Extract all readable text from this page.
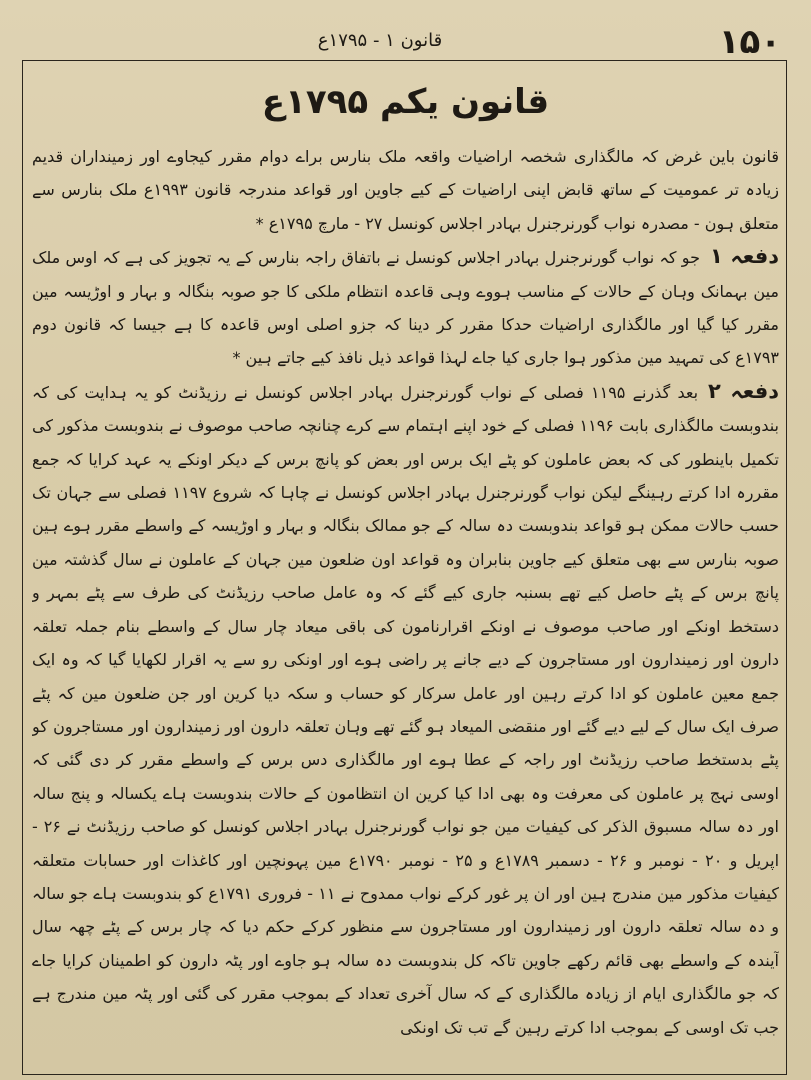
۱۵۰
قانون ۱ - ۱۷۹۵ع
قانون یکم ۱۷۹۵ع

قانون باین غرض کہ مالگذاری شخصہ اراضیات واقعہ ملک بنارس براے دوام مقرر کیجاوے اور زمینداران قدیم زیادہ تر عمومیت کے ساتھ قابض اپنی اراضیات کے کیے جاوین اور قواعد مندرجہ قانون ۱۹۹۳ع ملک بنارس سے متعلق ہون - مصدرہ نواب گورنرجنرل بہادر اجلاس کونسل ۲۷ - مارچ ۱۷۹۵ع *

دفعہ ۱جو کہ نواب گورنرجنرل بہادر اجلاس کونسل نے باتفاق راجہ بنارس کے یہ تجویز کی ہے کہ اوس ملک مین بہمانک وہان کے حالات کے مناسب ہووے وہی قاعدہ انتظام ملکی کا جو صوبہ بنگالہ و بہار و اوڑیسہ مین مقرر کیا گیا اور مالگذاری اراضیات حدکا مقرر کر دینا کہ جزو اصلی اوس قاعدہ کا ہے جیسا کہ قانون دوم ۱۷۹۳ع کی تمہید مین مذکور ہوا جاری کیا جاے لہذا قواعد ذیل نافذ کیے جاتے ہین *

دفعہ ۲بعد گذرنے ۱۱۹۵ فصلی کے نواب گورنرجنرل بہادر اجلاس کونسل نے رزیڈنٹ کو یہ ہدایت کی کہ بندوبست مالگذاری بابت ۱۱۹۶ فصلی کے خود اپنے اہتمام سے کرے چنانچہ صاحب موصوف نے بندوبست مذکور کی تکمیل باینطور کی کہ بعض عاملون کو پٹے ایک برس اور بعض کو پانچ برس کے دیکر اونکے یہ عہد کرایا کہ جمع مقررہ ادا کرتے رہینگے لیکن نواب گورنرجنرل بہادر اجلاس کونسل نے چاہا کہ شروع ۱۱۹۷ فصلی سے جہان تک حسب حالات ممکن ہو قواعد بندوبست دہ سالہ کے جو ممالک بنگالہ و بہار و اوڑیسہ کے واسطے مقرر ہوے ہین صوبہ بنارس سے بھی متعلق کیے جاوین بنابران وہ قواعد اون ضلعون مین جہان کے عاملون نے سال گذشتہ مین پانچ برس کے پٹے حاصل کیے تھے بسنبہ جاری کیے گئے کہ وہ عامل صاحب رزیڈنٹ کی طرف سے پٹے بمہر و دستخط اونکے اور صاحب موصوف نے اونکے اقرارنامون کی باقی میعاد چار سال کے واسطے بنام جملہ تعلقہ دارون اور زمیندارون اور مستاجرون کے دیے جانے پر راضی ہوے اور اونکی رو سے یہ اقرار لکھایا گیا کہ وہ ایک جمع معین عاملون کو ادا کرتے رہین اور عامل سرکار کو حساب و سکہ دیا کرین اور جن ضلعون مین کہ پٹے صرف ایک سال کے لیے دیے گئے اور منقضی المیعاد ہو گئے تھے وہان تعلقہ دارون اور زمیندارون اور مستاجرون کو پٹے بدستخط صاحب رزیڈنٹ اور راجہ کے عطا ہوے اور مالگذاری دس برس کے واسطے مقرر کر دی گئی کہ اوسی نہج پر عاملون کی معرفت وہ بھی ادا کیا کرین ان انتظامون کے حالات بندوبست ہاے یکسالہ و پنج سالہ اور دہ سالہ مسبوق الذکر کی کیفیات مین جو نواب گورنرجنرل بہادر اجلاس کونسل کو صاحب رزیڈنٹ نے ۲۶ - اپریل و ۲۰ - نومبر و ۲۶ - دسمبر ۱۷۸۹ع و ۲۵ - نومبر ۱۷۹۰ع مین پہونچین اور کاغذات اور حسابات متعلقہ کیفیات مذکور مین مندرج ہین اور ان پر غور کرکے نواب ممدوح نے ۱۱ - فروری ۱۷۹۱ع کو بندوبست ہاے جو سالہ و دہ سالہ تعلقہ دارون اور زمیندارون اور مستاجرون سے منظور کرکے حکم دیا کہ چار برس کے پٹے چھہ سال آیندہ کے واسطے بھی قائم رکھے جاوین تاکہ کل بندوبست دہ سالہ ہو جاوے اور پٹہ دارون کو اطمینان کرایا جاے کہ جو مالگذاری ایام از زیادہ مالگذاری کے کہ سال آخری تعداد کے بموجب مقرر کی گئی اور پٹہ مین مندرج ہے جب تک اوسی کے بموجب ادا کرتے رہین گے تب تک اونکی
